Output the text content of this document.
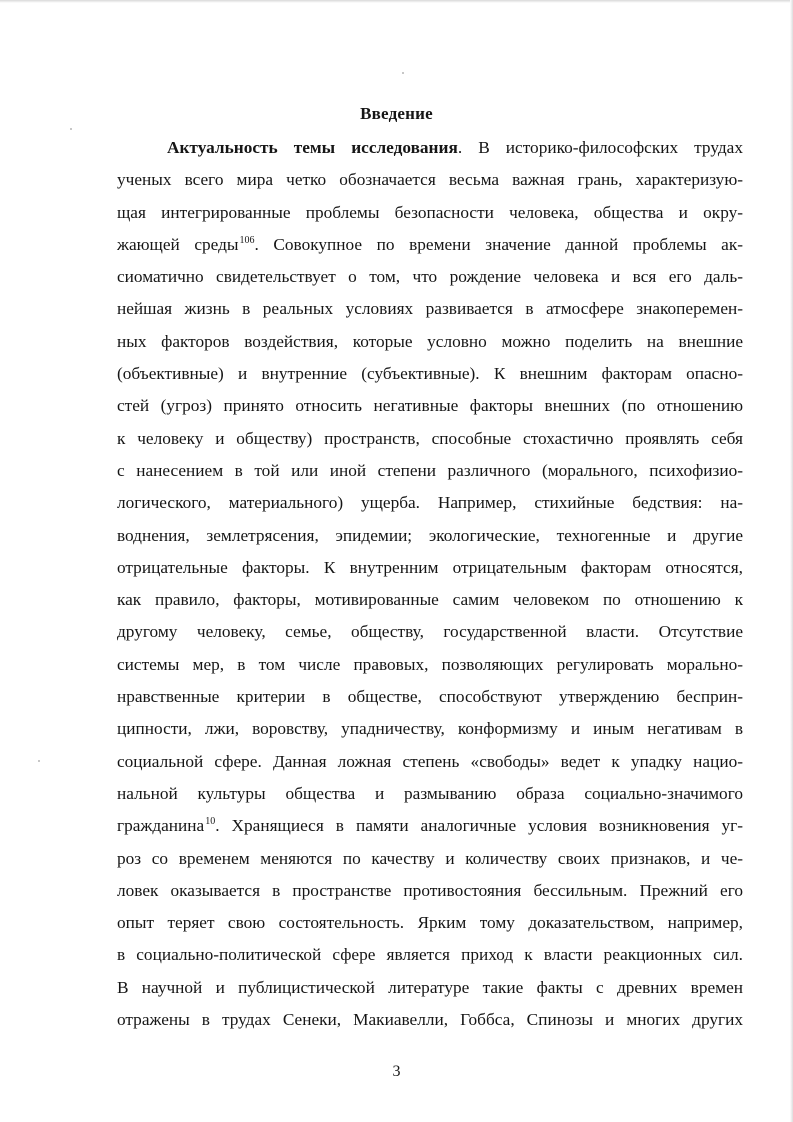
Введение
Актуальность темы исследования. В историко-философских трудах
ученых всего мира четко обозначается весьма важная грань, характеризую-
щая интегрированные проблемы безопасности человека, общества и окру-
жающей среды$^{106}$. Совокупное по времени значение данной проблемы ак-
сиоматично свидетельствует о том, что рождение человека и вся его даль-
нейшая жизнь в реальных условиях развивается в атмосфере знакоперемен-
ных факторов воздействия, которые условно можно поделить на внешние
(объективные) и внутренние (субъективные). К внешним факторам опасно-
стей (угроз) принято относить негативные факторы внешних (по отношению
к человеку и обществу) пространств, способные стохастично проявлять себя
с нанесением в той или иной степени различного (морального, психофизио-
логического, материального) ущерба. Например, стихийные бедствия: на-
воднения, землетрясения, эпидемии; экологические, техногенные и другие
отрицательные факторы. К внутренним отрицательным факторам относятся,
как правило, факторы, мотивированные самим человеком по отношению к
другому человеку, семье, обществу, государственной власти. Отсутствие
системы мер, в том числе правовых, позволяющих регулировать морально-
нравственные критерии в обществе, способствуют утверждению бесприн-
ципности, лжи, воровству, упадничеству, конформизму и иным негативам в
социальной сфере. Данная ложная степень «свободы» ведет к упадку нацио-
нальной культуры общества и размыванию образа социально-значимого
гражданина$^{10}$. Хранящиеся в памяти аналогичные условия возникновения уг-
роз со временем меняются по качеству и количеству своих признаков, и че-
ловек оказывается в пространстве противостояния бессильным. Прежний его
опыт теряет свою состоятельность. Ярким тому доказательством, например,
в социально-политической сфере является приход к власти реакционных сил.
В научной и публицистической литературе такие факты с древних времен
отражены в трудах Сенеки, Макиавелли, Гоббса, Спинозы и многих других
3
